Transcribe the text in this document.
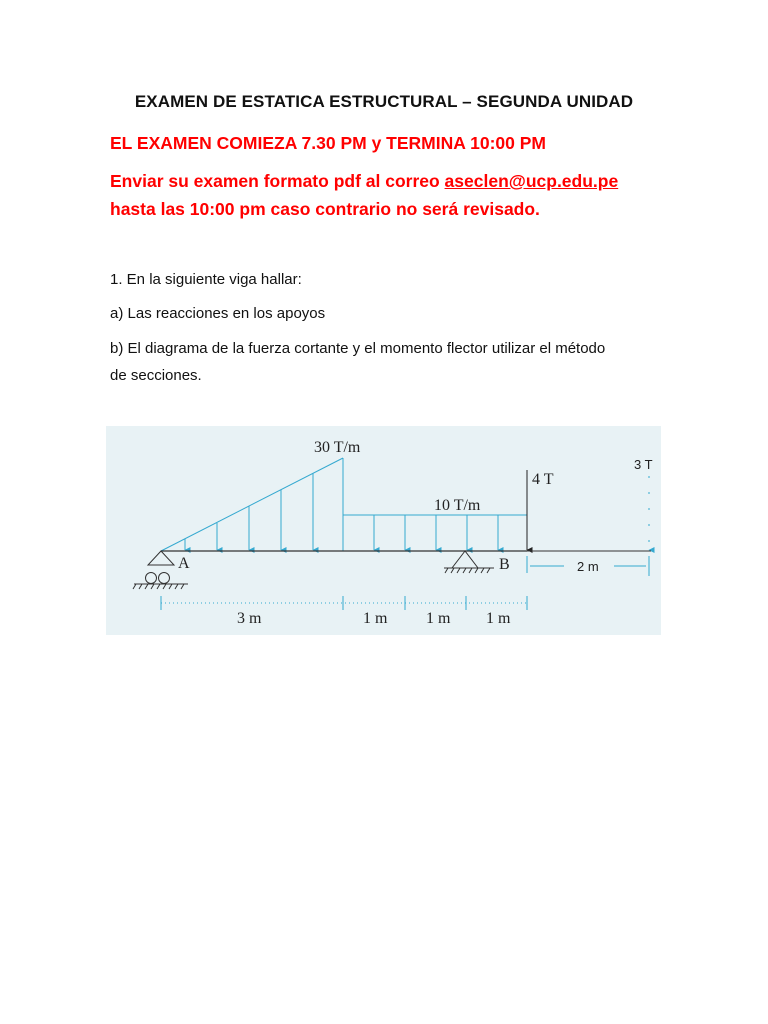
EXAMEN DE ESTATICA ESTRUCTURAL – SEGUNDA UNIDAD
EL EXAMEN COMIEZA 7.30 PM y TERMINA 10:00 PM
Enviar su examen formato pdf al correo aseclen@ucp.edu.pe
hasta las 10:00 pm caso contrario no será revisado.
1. En la siguiente viga hallar:
a) Las reacciones en los apoyos
b) El diagrama de la fuerza cortante y el momento flector utilizar el método
de secciones.
30 T/m
10 T/m
4 T
3 T
A	B
3 m	1 m 1 m 1 m
2 m
